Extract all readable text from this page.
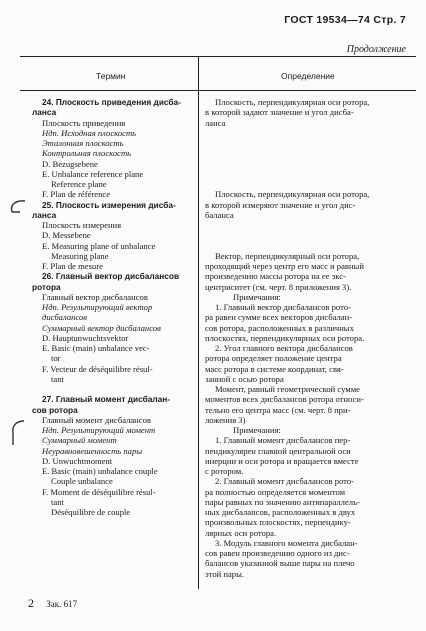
ГОСТ 19534—74 Стр. 7
Продолжение
Термин	Определение
24. Плоскость приведения дисба-
ланса
Плоскость приведения
Ндп. Исходная плоскость
Эталонная плоскость
Контрольная плоскость
D. Bezugsebene
E. Unbalance reference plane
Reference plane
F. Plan de référence
25. Плоскость измерения дисба-
ланса
Плоскость измерения
D. Messebene
E. Measuring plane of unbalance
Measuring plane
F. Plan de mesure
26. Главный вектор дисбалансов
ротора
Главный вектор дисбалансов
Ндп. Результирующий вектор
дисбалансов
Суммарный вектор дисбалансов
D. Hauptunwuchtsvektor
E. Basic (main) unbalance vec-
tor
F. Vecteur de déséquilibre résul-
tant

27. Главный момент дисбалан-
сов ротора
Главный момент дисбалансов
Ндп. Результирующий момент
Суммарный момент
Неуравновешенность пары
D. Unwuchtmoment
E. Basic (main) unbalance couple
Couple unbalance
F. Moment de déséquilibre résul-
tant
Déséquilibre de couple
Плоскость, перпендикулярная оси ротора,
в которой задают значение и угол дисба-
ланса

Плоскость, перпендикулярная оси ротора,
в которой измеряют значение и угол дис-
баланса

Вектор, перпендикулярный оси ротора,
проходящий через центр его масс и равный
произведению массы ротора на ее экс-
центриситет (см. черт. 8 приложения 3).
Примечания:
1. Главный вектор дисбалансов рото-
ра равен сумме всех векторов дисбалан-
сов ротора, расположенных в различных
плоскостях, перпендикулярных оси ротора.
2. Угол главного вектора дисбалансов
ротора определяет положение центра
масс ротора в системе координат, свя-
занной с осью ротора
Момент, равный геометрической сумме
моментов всех дисбалансов ротора относи-
тельно его центра масс (см. черт. 8 при-
ложения 3)
Примечания:
1. Главный момент дисбалансов пер-
пендикулярен главной центральной оси
инерции и оси ротора и вращается вместе
с ротором.
2. Главный момент дисбалансов рото-
ра полностью определяется моментом
пары равных по значению антипараллель-
ных дисбалансов, расположенных в двух
произвольных плоскостях, перпендику-
лярных оси ротора.
3. Модуль главного момента дисбалан-
сов равен произведению одного из дис-
балансов указанной выше пары на плечо
этой пары.
2 Зак. 617
